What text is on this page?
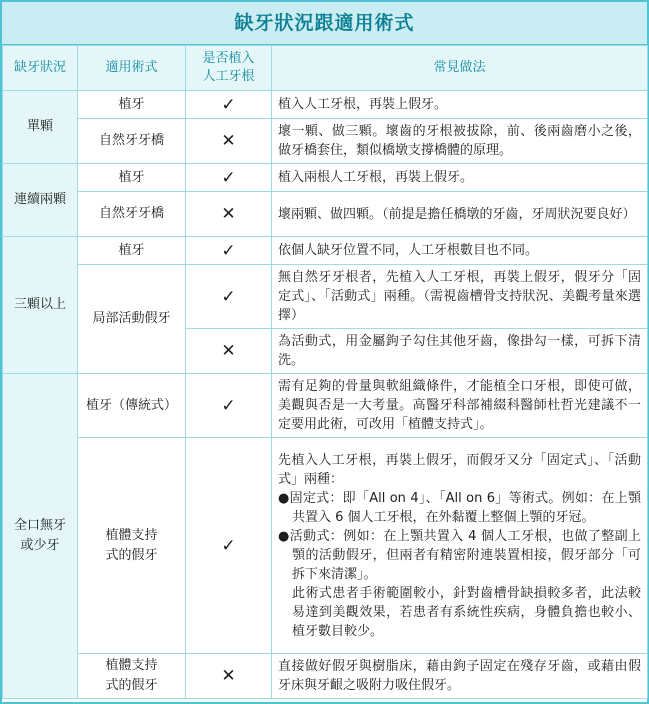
缺牙狀況跟適用術式
缺牙狀況	適用術式	是否植入人工牙根	常見做法
單顆	植牙	✓	植入人工牙根，再裝上假牙。
	自然牙牙橋	✕	壞一顆、做三顆。壞齒的牙根被拔除，前、後兩齒磨小之後，做牙橋套住，類似橋墩支撐橋體的原理。
連續兩顆	植牙	✓	植入兩根人工牙根，再裝上假牙。
	自然牙牙橋	✕	壞兩顆、做四顆。（前提是擔任橋墩的牙齒，牙周狀況要良好）
三顆以上	植牙	✓	依個人缺牙位置不同，人工牙根數目也不同。
	局部活動假牙	✓	無自然牙牙根者，先植入人工牙根，再裝上假牙，假牙分「固定式」、「活動式」兩種。（需視齒槽骨支持狀況、美觀考量來選擇）
		✕	為活動式，用金屬鉤子勾住其他牙齒，像掛勾一樣，可拆下清洗。

全口無牙或少牙	植牙（傳統式）	✓	需有足夠的骨量與軟組織條件，才能植全口牙根，即使可做，美觀與否是一大考量。高醫牙科部補綴科醫師杜哲光建議不一定要用此術，可改用「植體支持式」。

	植體支持式的假牙	✓	先植入人工牙根，再裝上假牙，而假牙又分「固定式」、「活動式」兩種：
●固定式：即「All on 4」、「All on 6」等術式。例如：在上顎共置入 6 個人工牙根，在外黏覆上整個上顎的牙冠。
●活動式：例如：在上顎共置入 4 個人工牙根，也做了整副上顎的活動假牙，但兩者有精密附連裝置相接，假牙部分「可拆下來清潔」。
此術式患者手術範圍較小，針對齒槽骨缺損較多者，此法較易達到美觀效果，若患者有系統性疾病，身體負擔也較小、植牙數目較少。

	植體支持式的假牙	✕	直接做好假牙與樹脂床，藉由鉤子固定在殘存牙齒，或藉由假牙床與牙齦之吸附力吸住假牙。
